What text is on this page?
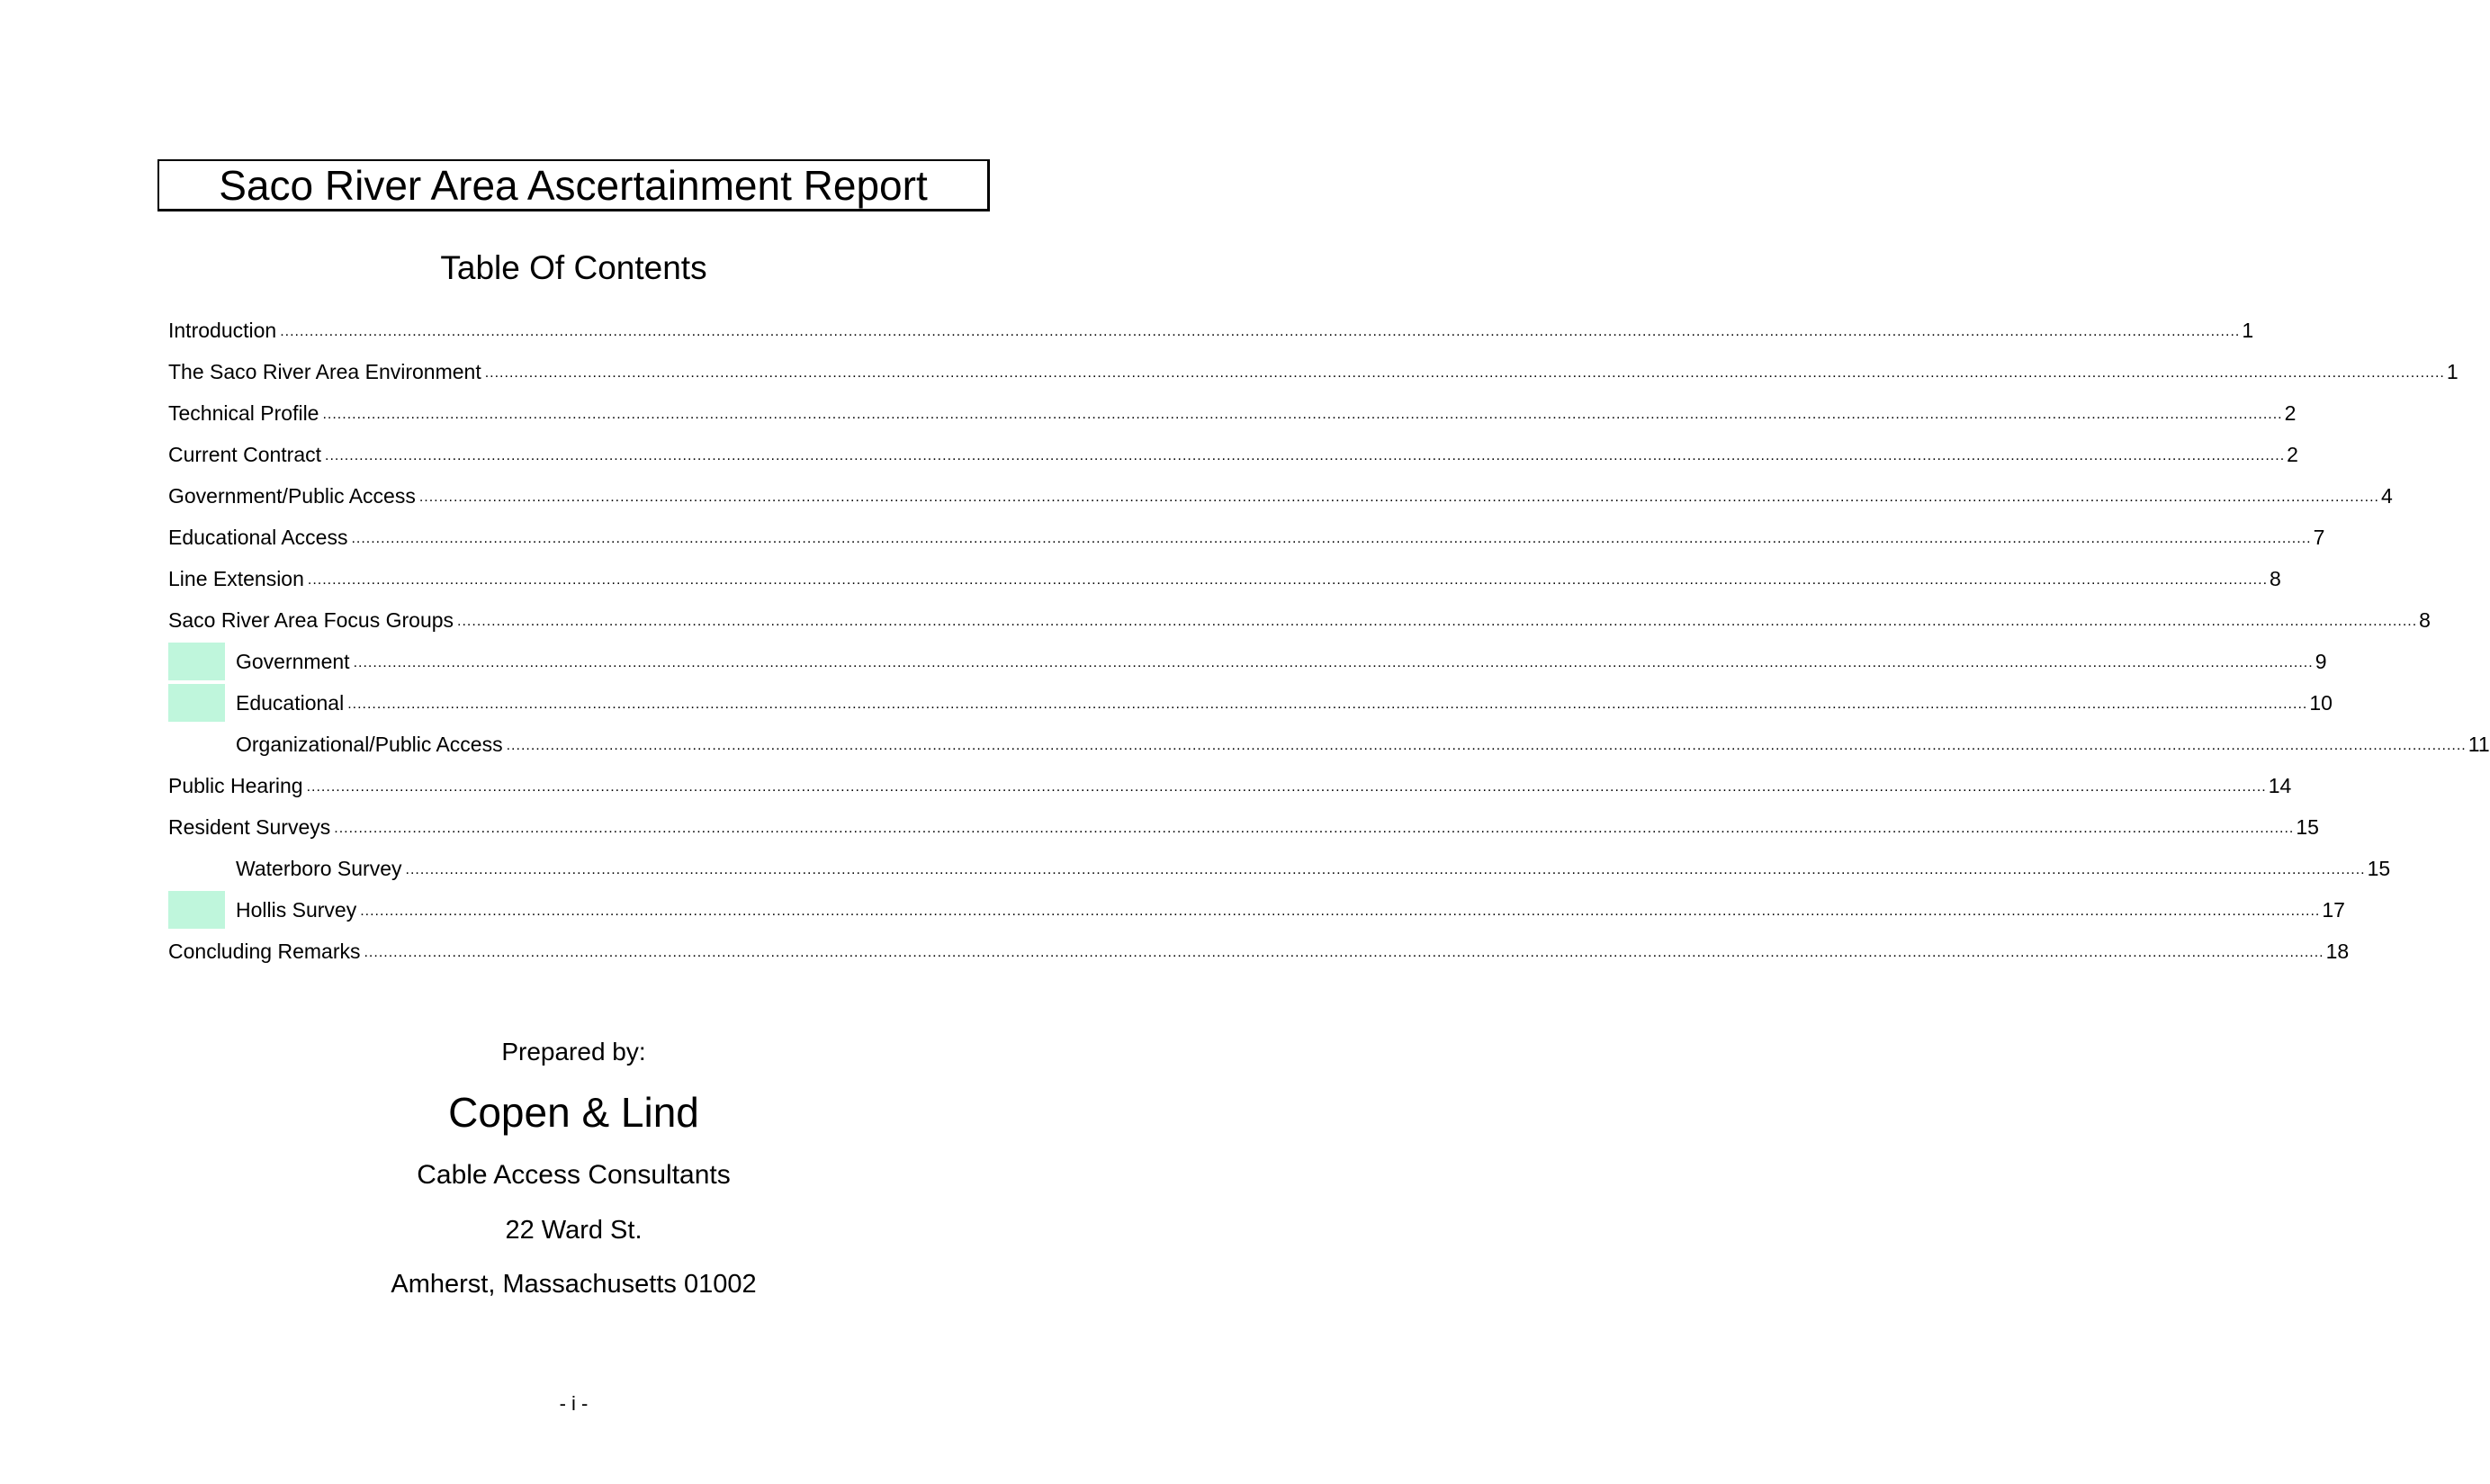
Saco River Area Ascertainment Report
Table Of Contents
Introduction ................................................................................................................................................................................................................................................................................................................................................................................................................ 1
The Saco River Area Environment ................................................................................................................................................................................................................................................................................................................................................................................................................ 1
Technical Profile ................................................................................................................................................................................................................................................................................................................................................................................................................ 2
Current Contract ................................................................................................................................................................................................................................................................................................................................................................................................................ 2
Government/Public Access ................................................................................................................................................................................................................................................................................................................................................................................................................ 4
Educational Access ................................................................................................................................................................................................................................................................................................................................................................................................................ 7
Line Extension ................................................................................................................................................................................................................................................................................................................................................................................................................ 8
Saco River Area Focus Groups ................................................................................................................................................................................................................................................................................................................................................................................................................ 8
Government ................................................................................................................................................................................................................................................................................................................................................................................................................ 9
Educational ................................................................................................................................................................................................................................................................................................................................................................................................................ 10
Organizational/Public Access ................................................................................................................................................................................................................................................................................................................................................................................................................ 11
Public Hearing ................................................................................................................................................................................................................................................................................................................................................................................................................ 14
Resident Surveys ................................................................................................................................................................................................................................................................................................................................................................................................................ 15
Waterboro Survey ................................................................................................................................................................................................................................................................................................................................................................................................................ 15
Hollis Survey ................................................................................................................................................................................................................................................................................................................................................................................................................ 17
Concluding Remarks ................................................................................................................................................................................................................................................................................................................................................................................................................ 18
Prepared by:
Copen & Lind
Cable Access Consultants
22 Ward St.
Amherst, Massachusetts 01002
- i -
